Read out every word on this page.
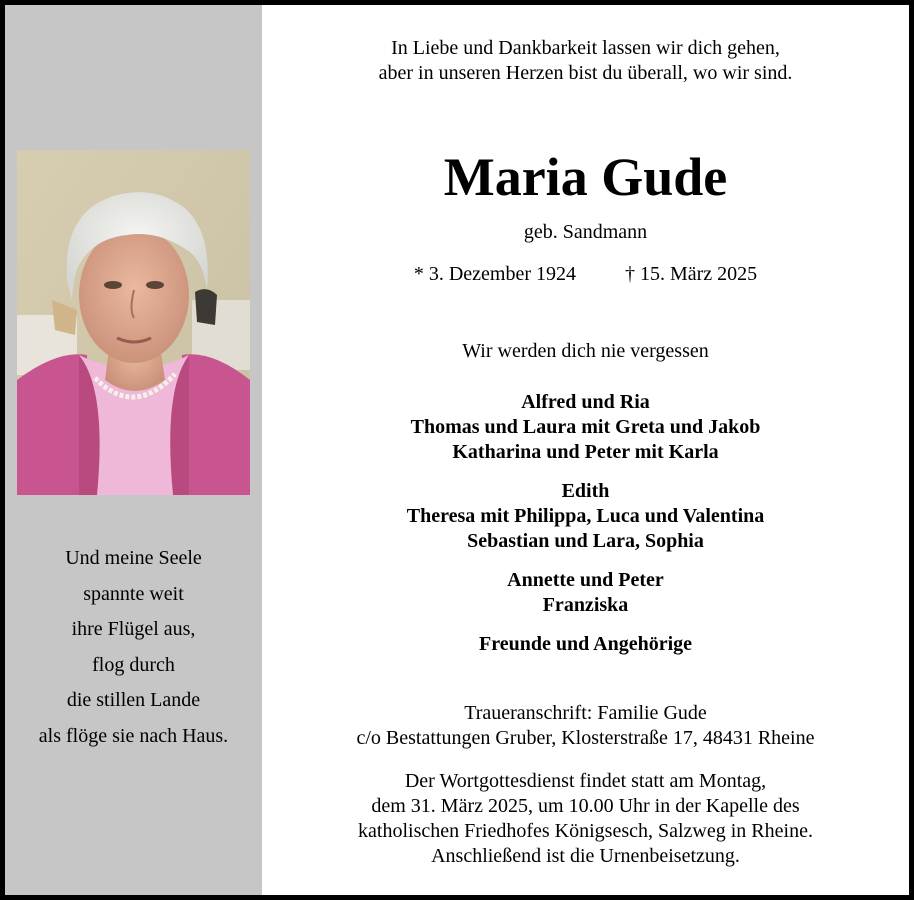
Und meine Seele
spannte weit
ihre Flügel aus,
flog durch
die stillen Lande
als flöge sie nach Haus.
In Liebe und Dankbarkeit lassen wir dich gehen,
aber in unseren Herzen bist du überall, wo wir sind.
Maria Gude
geb. Sandmann
* 3. Dezember 1924 † 15. März 2025
Wir werden dich nie vergessen
Alfred und Ria
Thomas und Laura mit Greta und Jakob
Katharina und Peter mit Karla
Edith
Theresa mit Philippa, Luca und Valentina
Sebastian und Lara, Sophia
Annette und Peter
Franziska
Freunde und Angehörige
Traueranschrift: Familie Gude
c/o Bestattungen Gruber, Klosterstraße 17, 48431 Rheine
Der Wortgottesdienst findet statt am Montag,
dem 31. März 2025, um 10.00 Uhr in der Kapelle des
katholischen Friedhofes Königsesch, Salzweg in Rheine.
Anschließend ist die Urnenbeisetzung.
